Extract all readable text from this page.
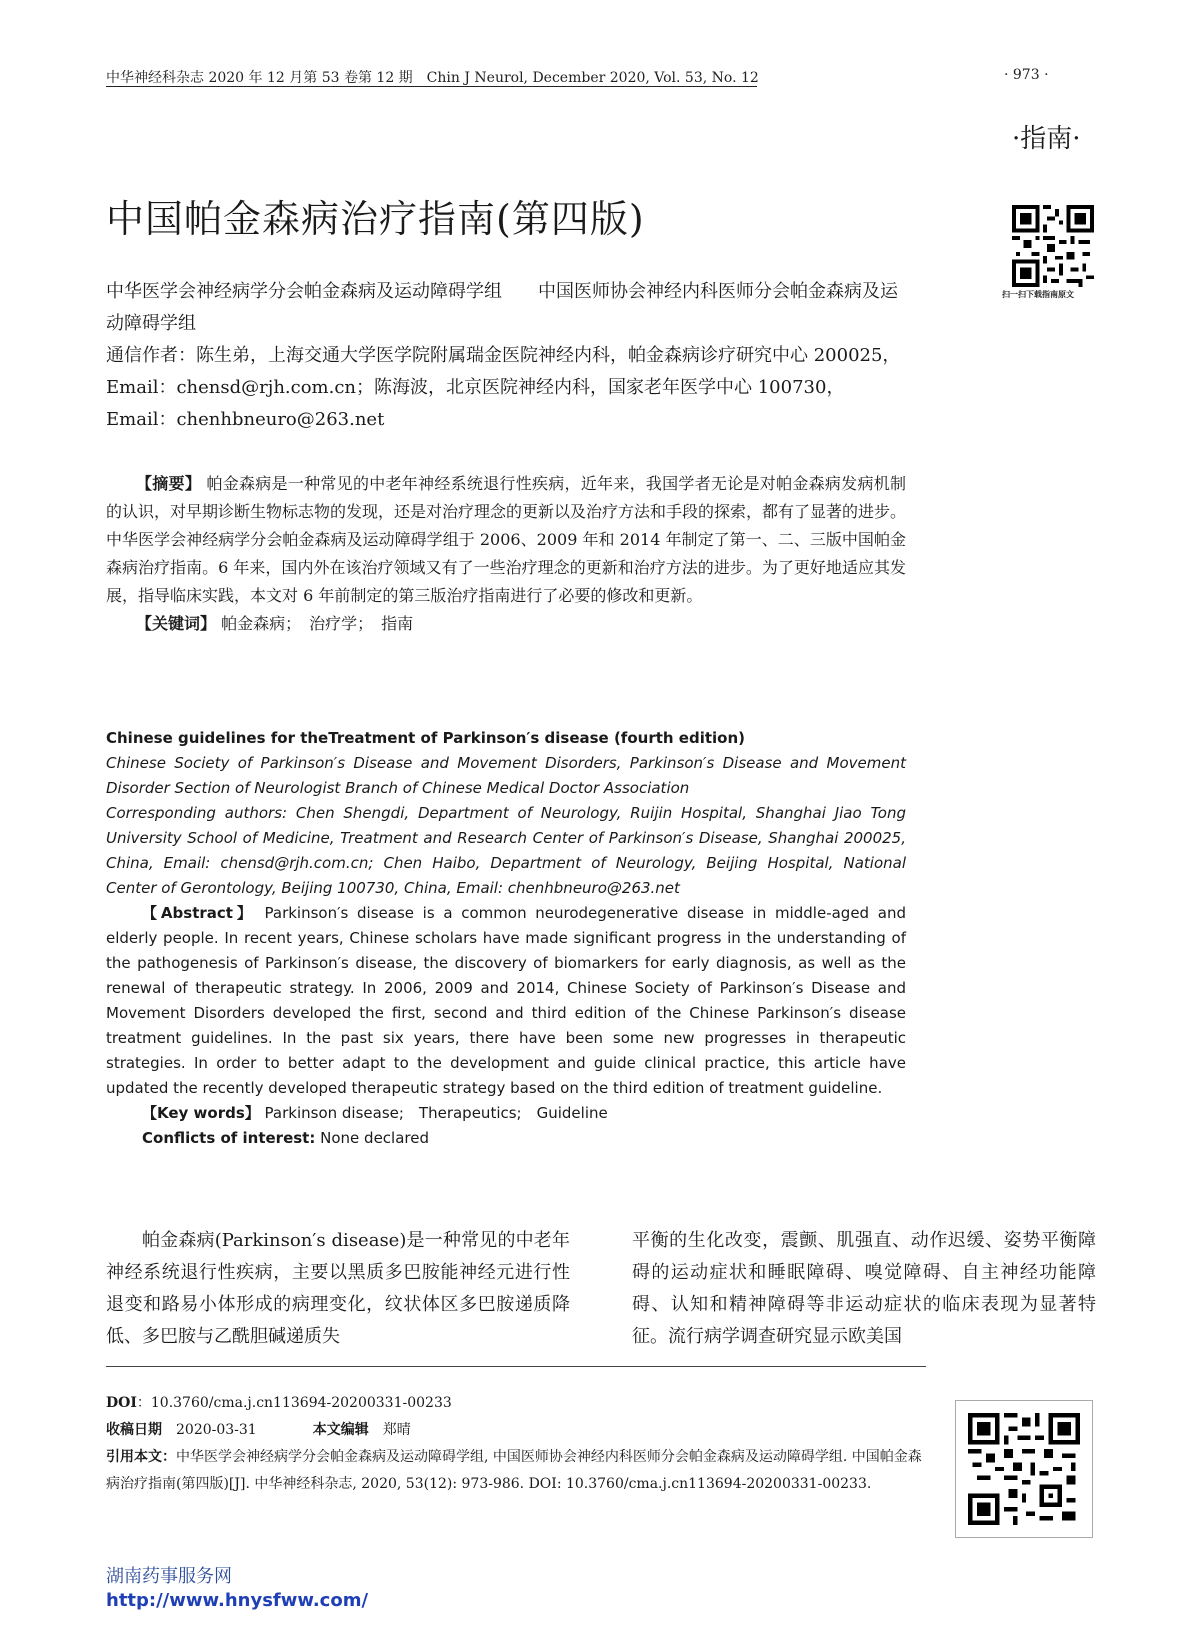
中华神经科杂志 2020 年 12 月第 53 卷第 12 期　Chin J Neurol, December 2020, Vol. 53, No. 12	· 973 ·
·指南·
扫一扫下载指南原文
中国帕金森病治疗指南(第四版)
中华医学会神经病学分会帕金森病及运动障碍学组　　中国医师协会神经内科医师分会帕金森病及运动障碍学组
通信作者：陈生弟，上海交通大学医学院附属瑞金医院神经内科，帕金森病诊疗研究中心 200025，Email：chensd@rjh.com.cn；陈海波，北京医院神经内科，国家老年医学中心 100730，Email：chenhbneuro@263.net

【摘要】 帕金森病是一种常见的中老年神经系统退行性疾病，近年来，我国学者无论是对帕金森病发病机制的认识，对早期诊断生物标志物的发现，还是对治疗理念的更新以及治疗方法和手段的探索，都有了显著的进步。中华医学会神经病学分会帕金森病及运动障碍学组于 2006、2009 年和 2014 年制定了第一、二、三版中国帕金森病治疗指南。6 年来，国内外在该治疗领域又有了一些治疗理念的更新和治疗方法的进步。为了更好地适应其发展，指导临床实践，本文对 6 年前制定的第三版治疗指南进行了必要的修改和更新。

【关键词】 帕金森病；　治疗学；　指南

Chinese guidelines for theTreatment of Parkinson′s disease (fourth edition)

Chinese Society of Parkinson′s Disease and Movement Disorders, Parkinson′s Disease and Movement Disorder Section of Neurologist Branch of Chinese Medical Doctor Association

Corresponding authors: Chen Shengdi, Department of Neurology, Ruijin Hospital, Shanghai Jiao Tong University School of Medicine, Treatment and Research Center of Parkinson′s Disease, Shanghai 200025, China, Email: chensd@rjh.com.cn; Chen Haibo, Department of Neurology, Beijing Hospital, National Center of Gerontology, Beijing 100730, China, Email: chenhbneuro@263.net

【Abstract】 Parkinson′s disease is a common neurodegenerative disease in middle-aged and elderly people. In recent years, Chinese scholars have made significant progress in the understanding of the pathogenesis of Parkinson′s disease, the discovery of biomarkers for early diagnosis, as well as the renewal of therapeutic strategy. In 2006, 2009 and 2014, Chinese Society of Parkinson′s Disease and Movement Disorders developed the first, second and third edition of the Chinese Parkinson′s disease treatment guidelines. In the past six years, there have been some new progresses in therapeutic strategies. In order to better adapt to the development and guide clinical practice, this article have updated the recently developed therapeutic strategy based on the third edition of treatment guideline.

【Key words】 Parkinson disease;　Therapeutics;　Guideline

Conflicts of interest: None declared

帕金森病(Parkinson′s disease)是一种常见的中老年神经系统退行性疾病，主要以黑质多巴胺能神经元进行性退变和路易小体形成的病理变化，纹状体区多巴胺递质降低、多巴胺与乙酰胆碱递质失
平衡的生化改变，震颤、肌强直、动作迟缓、姿势平衡障碍的运动症状和睡眠障碍、嗅觉障碍、自主神经功能障碍、认知和精神障碍等非运动症状的临床表现为显著特征。流行病学调查研究显示欧美国

DOI：10.3760/cma.j.cn113694-20200331-00233

收稿日期　 2020-03-31	本文编辑　 郑晴

引用本文：中华医学会神经病学分会帕金森病及运动障碍学组, 中国医师协会神经内科医师分会帕金森病及运动障碍学组. 中国帕金森病治疗指南(第四版)[J]. 中华神经科杂志, 2020, 53(12): 973-986. DOI: 10.3760/cma.j.cn113694-20200331-00233.

湖南药事服务网
http://www.hnysfww.com/
